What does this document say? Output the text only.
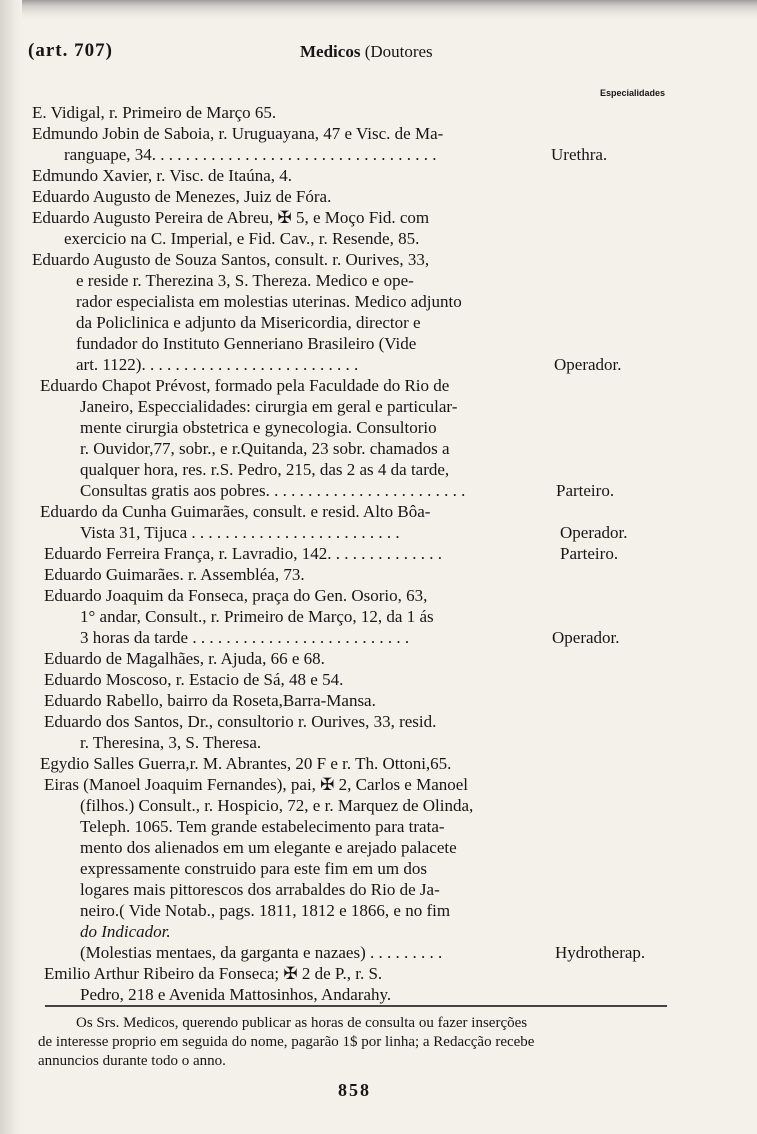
(art. 707)	Medicos (Doutores
Especialidades
E. Vidigal, r. Primeiro de Março 65.
Edmundo Jobin de Saboia, r. Uruguayana, 47 e Visc. de Ma-
ranguape, 34. . . . . . . . . . . . . . . . . . . . . . . . . . . . . . . . . .
Edmundo Xavier, r. Visc. de Itaúna, 4.
Eduardo Augusto de Menezes, Juiz de Fóra.
Eduardo Augusto Pereira de Abreu, ✠ 5, e Moço Fid. com
exercicio na C. Imperial, e Fid. Cav., r. Resende, 85.
Eduardo Augusto de Souza Santos, consult. r. Ourives, 33,
e reside r. Therezina 3, S. Thereza. Medico e ope-
rador especialista em molestias uterinas. Medico adjunto
da Policlinica e adjunto da Misericordia, director e
fundador do Instituto Genneriano Brasileiro (Vide
art. 1122). . . . . . . . . . . . . . . . . . . . . . . . . .
Eduardo Chapot Prévost, formado pela Faculdade do Rio de
Janeiro, Especcialidades: cirurgia em geral e particular-
mente cirurgia obstetrica e gynecologia. Consultorio
r. Ouvidor,77, sobr., e r.Quitanda, 23 sobr. chamados a
qualquer hora, res. r.S. Pedro, 215, das 2 as 4 da tarde,
Consultas gratis aos pobres. . . . . . . . . . . . . . . . . . . . . . . .
Eduardo da Cunha Guimarães, consult. e resid. Alto Bôa-
Vista 31, Tijuca . . . . . . . . . . . . . . . . . . . . . . . . .
Eduardo Ferreira França, r. Lavradio, 142. . . . . . . . . . . . . .
Eduardo Guimarães. r. Assembléa, 73.
Eduardo Joaquim da Fonseca, praça do Gen. Osorio, 63,
1° andar, Consult., r. Primeiro de Março, 12, da 1 ás
3 horas da tarde . . . . . . . . . . . . . . . . . . . . . . . . . .
Eduardo de Magalhães, r. Ajuda, 66 e 68.
Eduardo Moscoso, r. Estacio de Sá, 48 e 54.
Eduardo Rabello, bairro da Roseta,Barra-Mansa.
Eduardo dos Santos, Dr., consultorio r. Ourives, 33, resid.
r. Theresina, 3, S. Theresa.
Egydio Salles Guerra,r. M. Abrantes, 20 F e r. Th. Ottoni,65.
Eiras (Manoel Joaquim Fernandes), pai, ✠ 2, Carlos e Manoel
(filhos.) Consult., r. Hospicio, 72, e r. Marquez de Olinda,
Teleph. 1065. Tem grande estabelecimento para trata-
mento dos alienados em um elegante e arejado palacete
expressamente construido para este fim em um dos
logares mais pittorescos dos arrabaldes do Rio de Ja-
neiro.( Vide Notab., pags. 1811, 1812 e 1866, e no fim
do Indicador.
(Molestias mentaes, da garganta e nazaes) . . . . . . . . .
Emilio Arthur Ribeiro da Fonseca; ✠ 2 de P., r. S.
Pedro, 218 e Avenida Mattosinhos, Andarahy.
Urethra.
Operador.
Parteiro.
Operador.
Parteiro.
Operador.
Hydrotherap.
Os Srs. Medicos, querendo publicar as horas de consulta ou fazer inserções
de interesse proprio em seguida do nome, pagarão 1$ por linha; a Redacção recebe
annuncios durante todo o anno.
858
